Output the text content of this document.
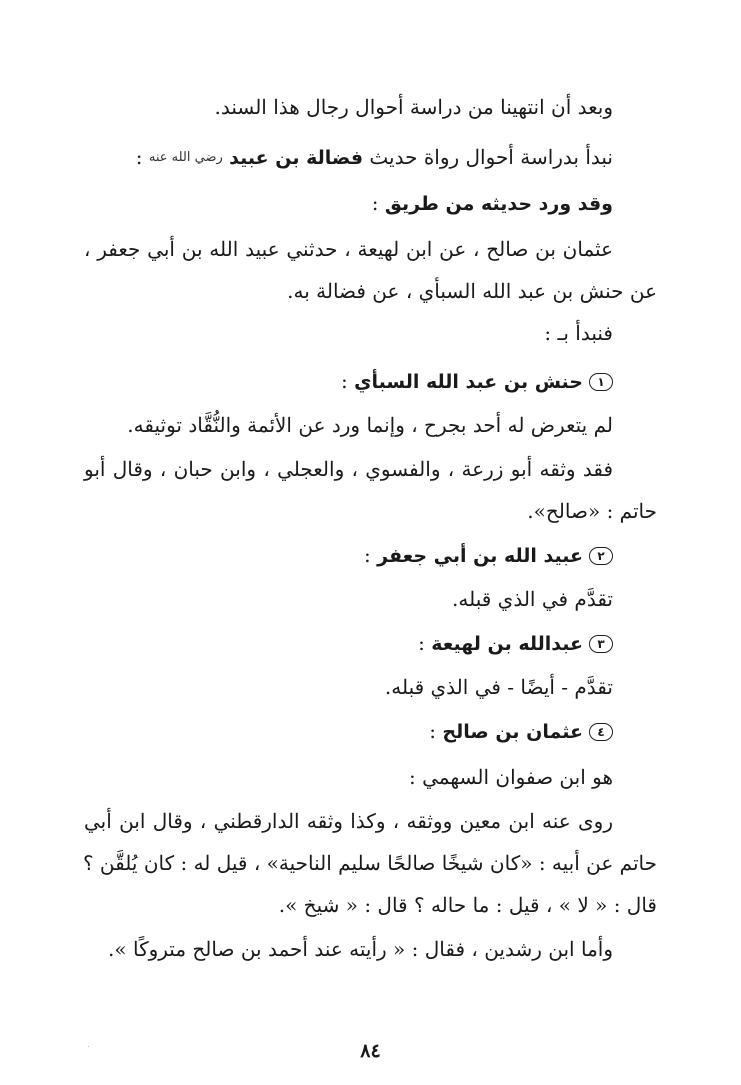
وبعد أن انتهينا من دراسة أحوال رجال هذا السند.
نبدأ بدراسة أحوال رواة حديث فضالة بن عبيد رضي الله عنه :
وقد ورد حديثه من طريق :
عثمان بن صالح ، عن ابن لهيعة ، حدثني عبيد الله بن أبي جعفر ،
عن حنش بن عبد الله السبأي ، عن فضالة به.
فنبدأ بـ :
١حنش بن عبد الله السبأي :
لم يتعرض له أحد بجرح ، وإنما ورد عن الأئمة والنُّقَّاد توثيقه.
فقد وثقه أبو زرعة ، والفسوي ، والعجلي ، وابن حبان ، وقال أبو
حاتم : «صالح».
٢عبيد الله بن أبي جعفر :
تقدَّم في الذي قبله.
٣عبدالله بن لهيعة :
تقدَّم - أيضًا - في الذي قبله.
٤عثمان بن صالح :
هو ابن صفوان السهمي :
روى عنه ابن معين ووثقه ، وكذا وثقه الدارقطني ، وقال ابن أبي
حاتم عن أبيه : «كان شيخًا صالحًا سليم الناحية» ، قيل له : كان يُلقَّن ؟
قال : « لا » ، قيل : ما حاله ؟ قال : « شيخ ».
وأما ابن رشدين ، فقال : « رأيته عند أحمد بن صالح متروكًا ».
٨٤
